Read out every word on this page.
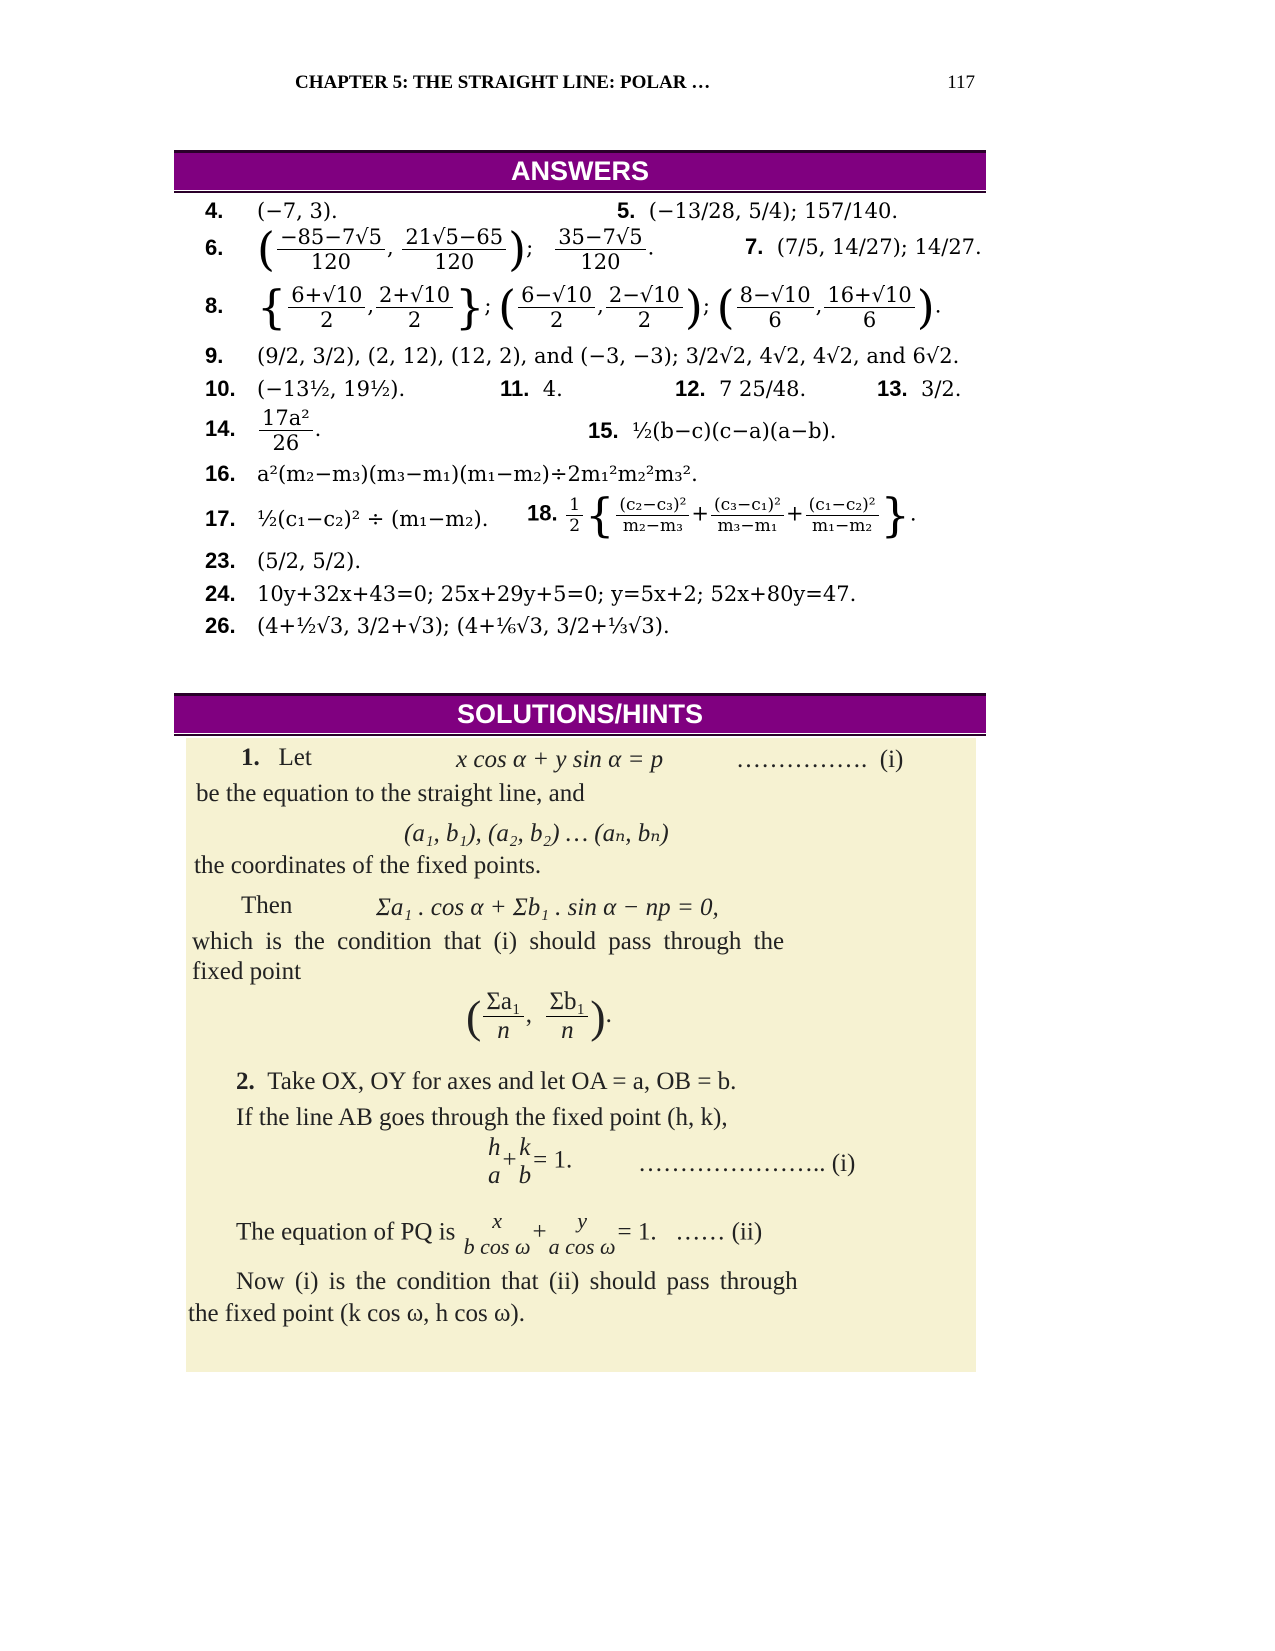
CHAPTER 5: THE STRAIGHT LINE: POLAR …	117
ANSWERS
4. (−7, 3).	5. (−13/28, 5/4); 157/140.
6. ( $\frac{-85-7√5}{120}$ , $\frac{21√5-65}{120}$ ); $\frac{35-7√5}{120}$ .	7. (7/5, 14/27); 14/27.
8. { $\frac{6+√10}{2}$ , $\frac{2+√10}{2}$ }; ( $\frac{6-√10}{2}$ , $\frac{2-√10}{2}$ ); ( $\frac{8-√10}{6}$ , $\frac{16+√10}{6}$ ).
9. (9/2, 3/2), (2, 12), (12, 2), and (−3, −3); 3/2√2, 4√2, 4√2, and 6√2.
10. (−13½, 19½).	11. 4.	12. 7 25/48.	13. 3/2.
14. $\frac{\text{17a²}}{26}$ .	15. ½(b−c)(c−a)(a−b).
16. a²(m₂−m₃)(m₃−m₁)(m₁−m₂)÷2m₁²m₂²m₃².
17. ½(c₁−c₂)² ÷ (m₁−m₂). 18. $\frac{1}{2}$ { $\frac{\text{(c₂−c₃)²}}{\text{m₂−m₃}} + \frac{\text{(c₃−c₁)²}}{\text{m₃−m₁}} + \frac{\text{(c₁−c₂)²}}{\text{m₁−m₂}}$ }.
23. (5/2, 5/2).
24. 10y+32x+43=0; 25x+29y+5=0; y=5x+2; 52x+80y=47.
26. (4+½√3, 3/2+√3); (4+⅙√3, 3/2+⅓√3).
SOLUTIONS/HINTS
1. Let	x cos α + y sin α = p	……………. (i)
be the equation to the straight line, and
(a₁, b₁), (a₂, b₂) … (aₙ, bₙ)
the coordinates of the fixed points.
Then	Σa₁ . cos α + Σb₁ . sin α − np = 0,
which is the condition that (i) should pass through the
fixed point
( $\frac{\text{Σa₁}}{n}$ , $\frac{\text{Σb₁}}{n}$ ).
2. Take OX, OY for axes and let OA = a, OB = b.
If the line AB goes through the fixed point (h, k),
h
a
+ k
b
= 1.	………………….. (i)
The equation of PQ is x
b cos ω
+ y
a cos ω
= 1. …… (ii)
Now (i) is the condition that (ii) should pass through
the fixed point (k cos ω, h cos ω).
